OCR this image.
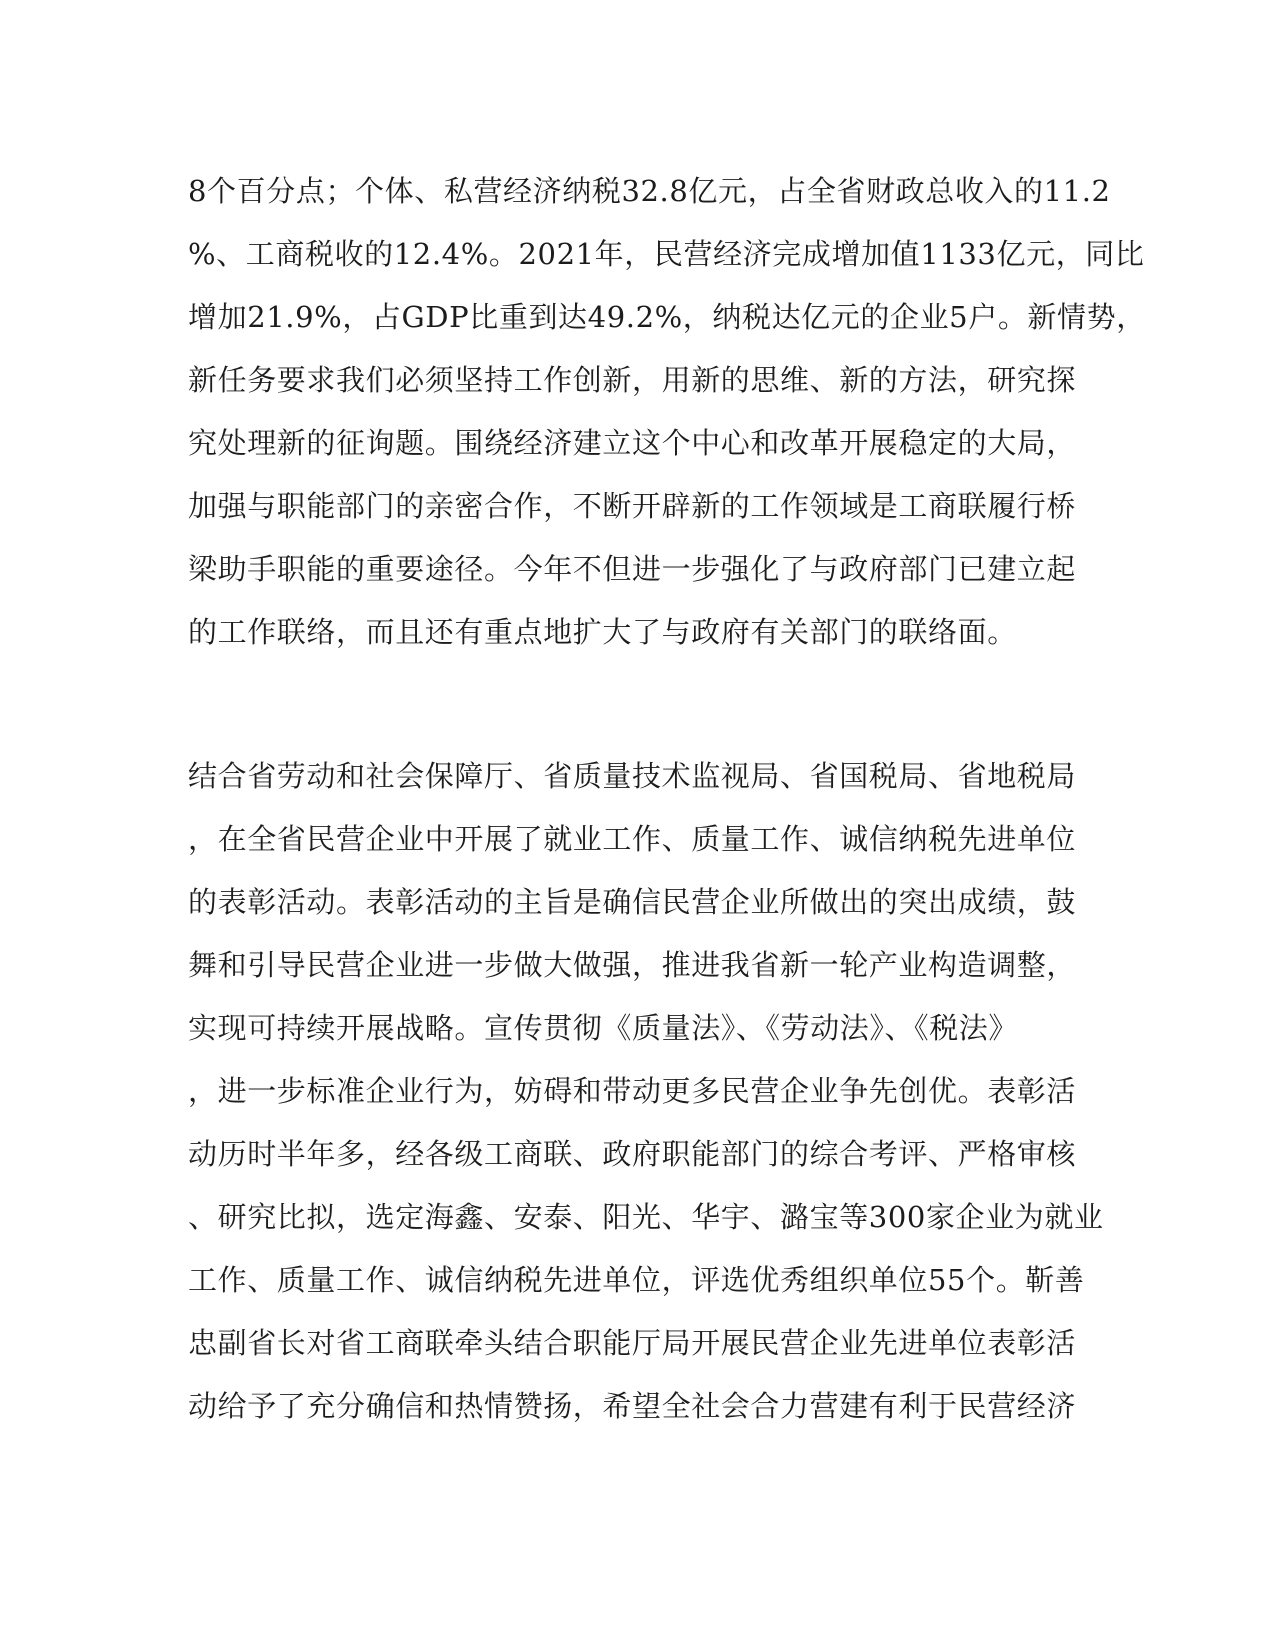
8个百分点；个体、私营经济纳税32.8亿元，占全省财政总收入的11.2
%、工商税收的12.4%。2021年，民营经济完成增加值1133亿元，同比
增加21.9%，占GDP比重到达49.2%，纳税达亿元的企业5户。新情势，
新任务要求我们必须坚持工作创新，用新的思维、新的方法，研究探
究处理新的征询题。围绕经济建立这个中心和改革开展稳定的大局，
加强与职能部门的亲密合作，不断开辟新的工作领域是工商联履行桥
梁助手职能的重要途径。今年不但进一步强化了与政府部门已建立起
的工作联络，而且还有重点地扩大了与政府有关部门的联络面。
结合省劳动和社会保障厅、省质量技术监视局、省国税局、省地税局
，在全省民营企业中开展了就业工作、质量工作、诚信纳税先进单位
的表彰活动。表彰活动的主旨是确信民营企业所做出的突出成绩，鼓
舞和引导民营企业进一步做大做强，推进我省新一轮产业构造调整，
实现可持续开展战略。宣传贯彻《质量法》、《劳动法》、《税法》
，进一步标准企业行为，妨碍和带动更多民营企业争先创优。表彰活
动历时半年多，经各级工商联、政府职能部门的综合考评、严格审核
、研究比拟，选定海鑫、安泰、阳光、华宇、潞宝等300家企业为就业
工作、质量工作、诚信纳税先进单位，评选优秀组织单位55个。靳善
忠副省长对省工商联牵头结合职能厅局开展民营企业先进单位表彰活
动给予了充分确信和热情赞扬，希望全社会合力营建有利于民营经济
